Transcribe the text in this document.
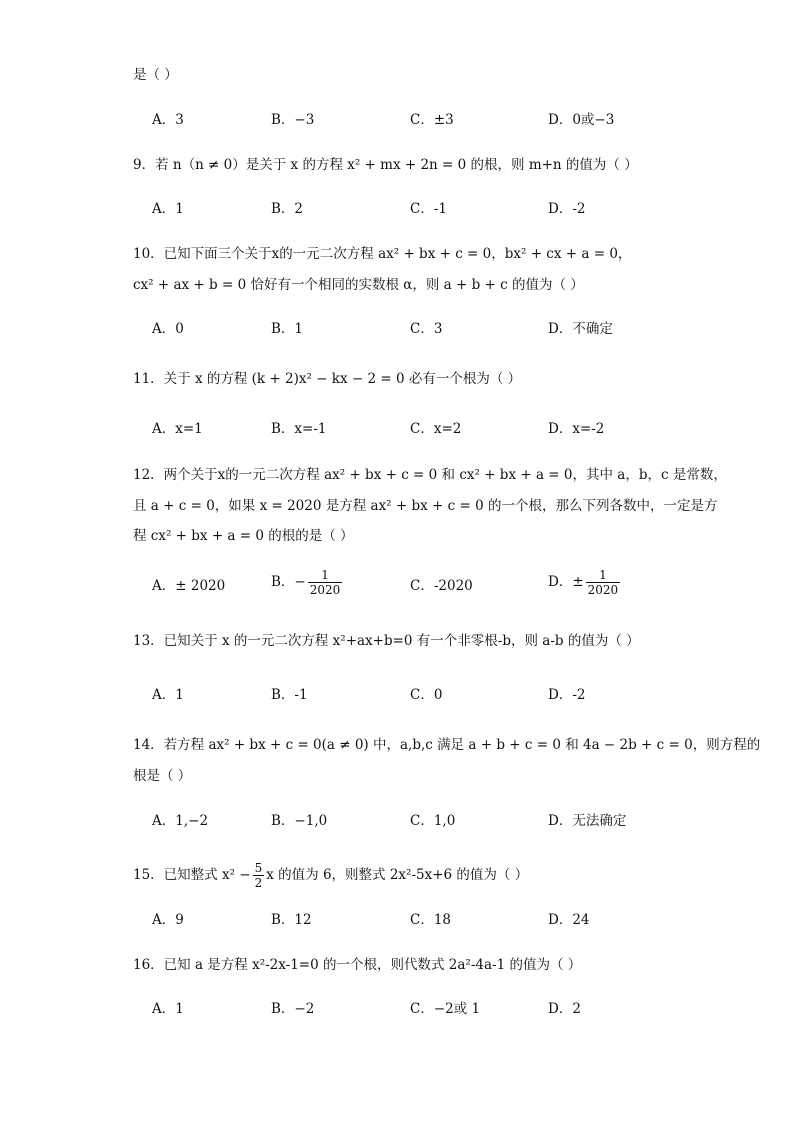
是（ ）
A．3	B．−3	C．±3	D．0或−3
9．若 n（n ≠ 0）是关于 x 的方程 x² + mx + 2n = 0 的根，则 m+n 的值为（ ）
A．1	B．2	C．-1	D．-2
10．已知下面三个关于x的一元二次方程 ax² + bx + c = 0，bx² + cx + a = 0，
cx² + ax + b = 0 恰好有一个相同的实数根 α，则 a + b + c 的值为（ ）
A．0	B．1	C．3	D．不确定
11．关于 x 的方程 (k + 2)x² − kx − 2 = 0 必有一个根为（ ）
A．x=1	B．x=-1	C．x=2	D．x=-2
12．两个关于x的一元二次方程 ax² + bx + c = 0 和 cx² + bx + a = 0，其中 a，b，c 是常数，
且 a + c = 0，如果 x = 2020 是方程 ax² + bx + c = 0 的一个根，那么下列各数中，一定是方
程 cx² + bx + a = 0 的根的是（ ）
A．± 2020	B．− $\frac{1}{2020}$	C．-2020	D．± $\frac{1}{2020}$
13．已知关于 x 的一元二次方程 x²+ax+b=0 有一个非零根-b，则 a-b 的值为（ ）
A．1	B．-1	C．0	D．-2
14．若方程 ax² + bx + c = 0(a ≠ 0) 中，a,b,c 满足 a + b + c = 0 和 4a − 2b + c = 0，则方程的
根是（ ）
A．1,−2	B．−1,0	C．1,0	D．无法确定
15．已知整式 $x^2 - \frac{5}{2}$ x 的值为 6，则整式 2x²-5x+6 的值为（ ）
A．9	B．12	C．18	D．24
16．已知 a 是方程 x²-2x-1=0 的一个根，则代数式 2a²-4a-1 的值为（ ）
A．1	B．−2	C．−2或 1	D．2
